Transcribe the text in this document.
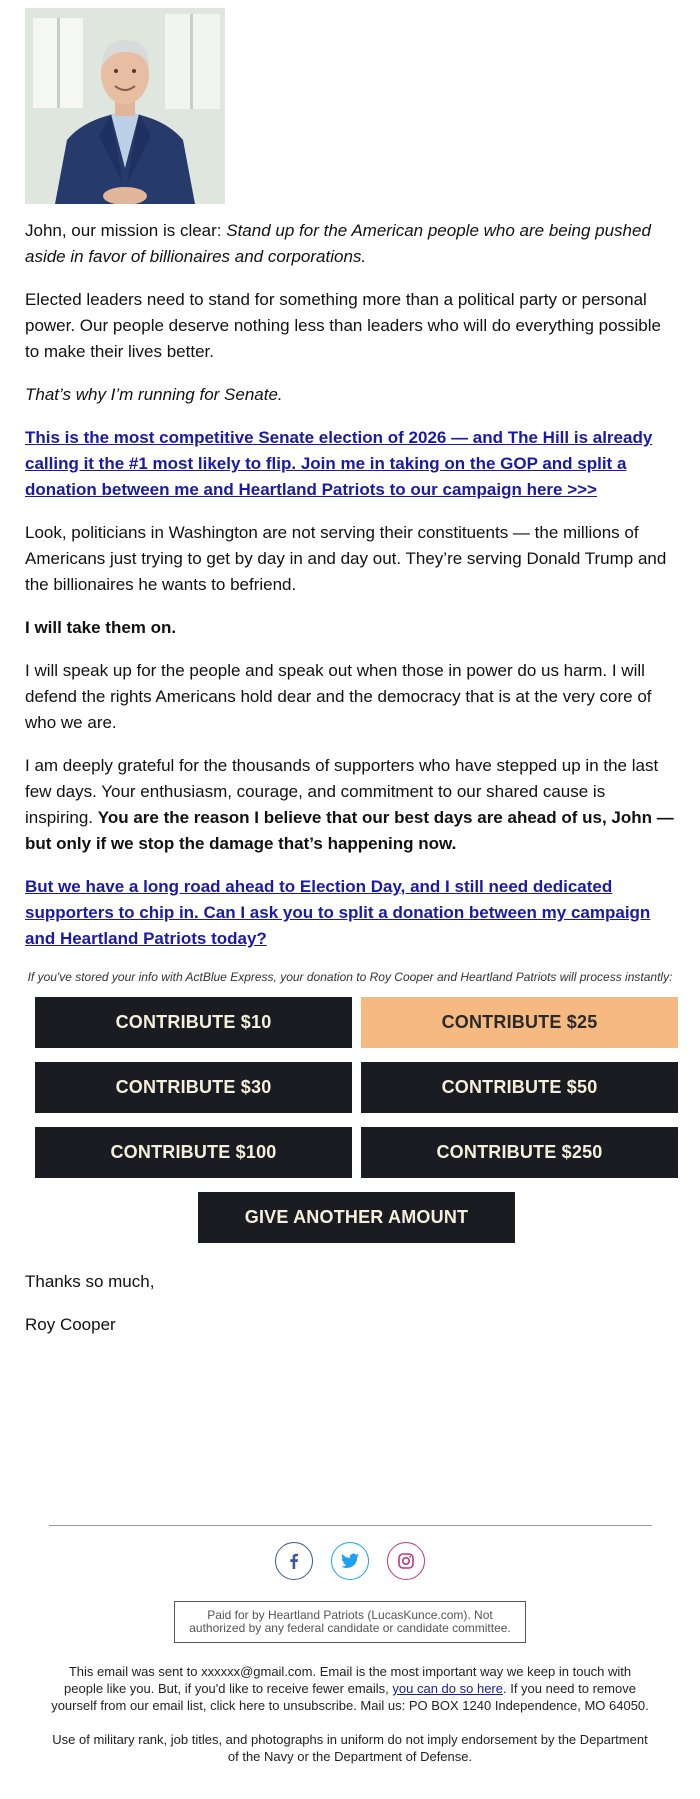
John, our mission is clear: Stand up for the American people who are being pushed aside in favor of billionaires and corporations.

Elected leaders need to stand for something more than a political party or personal power. Our people deserve nothing less than leaders who will do everything possible to make their lives better.

That’s why I’m running for Senate.

This is the most competitive Senate election of 2026 — and The Hill is already calling it the #1 most likely to flip. Join me in taking on the GOP and split a donation between me and Heartland Patriots to our campaign here >>>

Look, politicians in Washington are not serving their constituents — the millions of Americans just trying to get by day in and day out. They’re serving Donald Trump and the billionaires he wants to befriend.

I will take them on.

I will speak up for the people and speak out when those in power do us harm. I will defend the rights Americans hold dear and the democracy that is at the very core of who we are.

I am deeply grateful for the thousands of supporters who have stepped up in the last few days. Your enthusiasm, courage, and commitment to our shared cause is inspiring. You are the reason I believe that our best days are ahead of us, John — but only if we stop the damage that’s happening now.

But we have a long road ahead to Election Day, and I still need dedicated supporters to chip in. Can I ask you to split a donation between my campaign and Heartland Patriots today?

If you've stored your info with ActBlue Express, your donation to Roy Cooper and Heartland Patriots will process instantly:
CONTRIBUTE $10	CONTRIBUTE $25
CONTRIBUTE $30	CONTRIBUTE $50
CONTRIBUTE $100	CONTRIBUTE $250
GIVE ANOTHER AMOUNT

Thanks so much,

Roy Cooper

Paid for by Heartland Patriots (LucasKunce.com). Not authorized by any federal candidate or candidate committee.
This email was sent to xxxxxx@gmail.com. Email is the most important way we keep in touch with people like you. But, if you'd like to receive fewer emails, you can do so here. If you need to remove yourself from our email list, click here to unsubscribe. Mail us: PO BOX 1240 Independence, MO 64050.
Use of military rank, job titles, and photographs in uniform do not imply endorsement by the Department of the Navy or the Department of Defense.
